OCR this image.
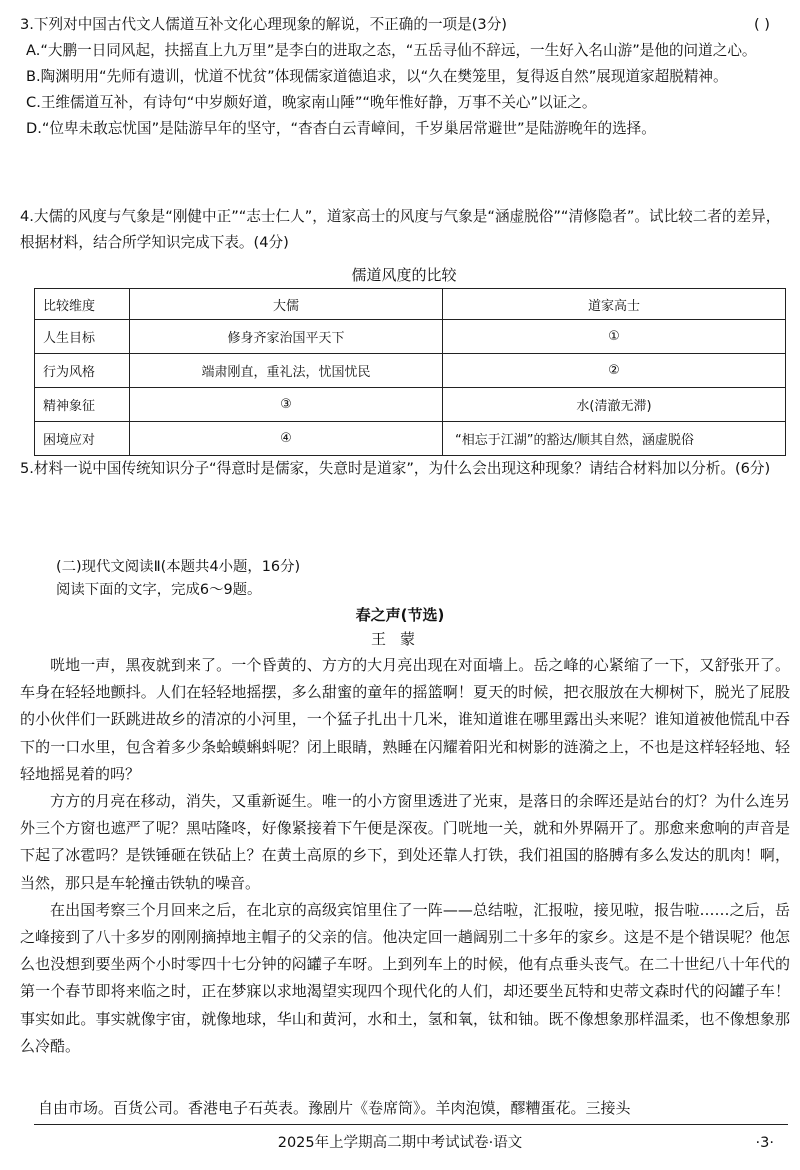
3.下列对中国古代文人儒道互补文化心理现象的解说，不正确的一项是(3分)	( )
A.“大鹏一日同风起，扶摇直上九万里”是李白的进取之态，“五岳寻仙不辞远，一生好入名山游”是他的问道之心。
B.陶渊明用“先师有遗训，忧道不忧贫”体现儒家道德追求，以“久在樊笼里，复得返自然”展现道家超脱精神。
C.王维儒道互补，有诗句“中岁颇好道，晚家南山陲”“晚年惟好静，万事不关心”以证之。
D.“位卑未敢忘忧国”是陆游早年的坚守，“杳杳白云青嶂间，千岁巢居常避世”是陆游晚年的选择。
4.大儒的风度与气象是“刚健中正”“志士仁人”，道家高士的风度与气象是“涵虚脱俗”“清修隐者”。试比较二者的差异，根据材料，结合所学知识完成下表。(4分)
儒道风度的比较
比较维度	大儒	道家高士
人生目标	修身齐家治国平天下	①
行为风格	端肃刚直，重礼法，忧国忧民	②
精神象征	③	水(清澈无滞)
困境应对	④	“相忘于江湖”的豁达/顺其自然，涵虚脱俗
5.材料一说中国传统知识分子“得意时是儒家，失意时是道家”，为什么会出现这种现象？请结合材料加以分析。(6分)
(二)现代文阅读Ⅱ(本题共4小题，16分)
阅读下面的文字，完成6～9题。
春之声(节选)
王蒙

咣地一声，黑夜就到来了。一个昏黄的、方方的大月亮出现在对面墙上。岳之峰的心紧缩了一下，又舒张开了。车身在轻轻地颤抖。人们在轻轻地摇摆，多么甜蜜的童年的摇篮啊！夏天的时候，把衣服放在大柳树下，脱光了屁股的小伙伴们一跃跳进故乡的清凉的小河里，一个猛子扎出十几米，谁知道谁在哪里露出头来呢？谁知道被他慌乱中吞下的一口水里，包含着多少条蛤蟆蝌蚪呢？闭上眼睛，熟睡在闪耀着阳光和树影的涟漪之上，不也是这样轻轻地、轻轻地摇晃着的吗？

方方的月亮在移动，消失，又重新诞生。唯一的小方窗里透进了光束，是落日的余晖还是站台的灯？为什么连另外三个方窗也遮严了呢？黑咕隆咚，好像紧接着下午便是深夜。门咣地一关，就和外界隔开了。那愈来愈响的声音是下起了冰雹吗？是铁锤砸在铁砧上？在黄土高原的乡下，到处还靠人打铁，我们祖国的胳膊有多么发达的肌肉！啊，当然，那只是车轮撞击铁轨的噪音。

在出国考察三个月回来之后，在北京的高级宾馆里住了一阵——总结啦，汇报啦，接见啦，报告啦……之后，岳之峰接到了八十多岁的刚刚摘掉地主帽子的父亲的信。他决定回一趟阔别二十多年的家乡。这是不是个错误呢？他怎么也没想到要坐两个小时零四十七分钟的闷罐子车呀。上到列车上的时候，他有点垂头丧气。在二十世纪八十年代的第一个春节即将来临之时，正在梦寐以求地渴望实现四个现代化的人们，却还要坐瓦特和史蒂文森时代的闷罐子车！事实如此。事实就像宇宙，就像地球，华山和黄河，水和土，氢和氧，钛和铀。既不像想象那样温柔，也不像想象那么冷酷。

自由市场。百货公司。香港电子石英表。豫剧片《卷席筒》。羊肉泡馍，醪糟蛋花。三接头
2025年上学期高二期中考试试卷·语文	·3·
